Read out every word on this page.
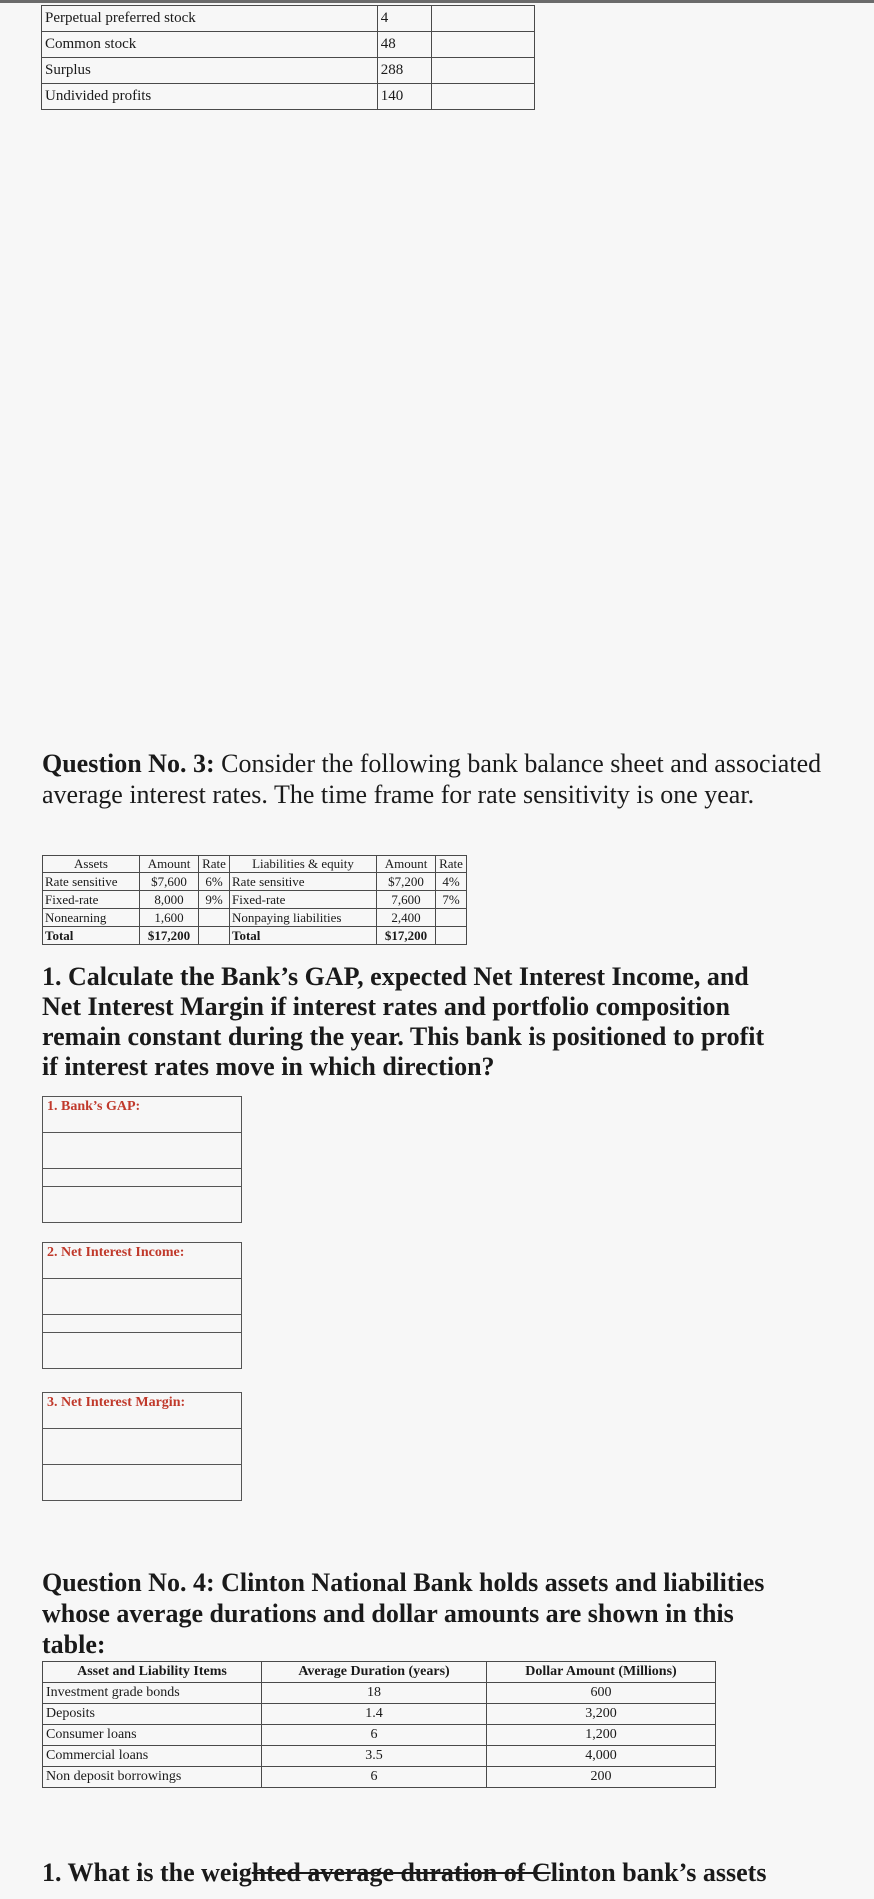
Perpetual preferred stock	4	
Common stock	48	
Surplus	288	
Undivided profits	140	
Question No. 3: Consider the following bank balance sheet and associated average interest rates. The time frame for rate sensitivity is one year.
Assets	Amount	Rate	Liabilities & equity	Amount	Rate
Rate sensitive	$7,600	6%	Rate sensitive	$7,200	4%
Fixed-rate	8,000	9%	Fixed-rate	7,600	7%
Nonearning	1,600		Nonpaying liabilities	2,400	
Total	$17,200		Total	$17,200	
1. Calculate the Bank’s GAP, expected Net Interest Income, and
Net Interest Margin if interest rates and portfolio composition
remain constant during the year. This bank is positioned to profit
if interest rates move in which direction?
1. Bank’s GAP:
2. Net Interest Income:
3. Net Interest Margin:
Question No. 4: Clinton National Bank holds assets and liabilities
whose average durations and dollar amounts are shown in this
table:
Asset and Liability Items	Average Duration (years)	Dollar Amount (Millions)
Investment grade bonds	18	600
Deposits	1.4	3,200
Consumer loans	6	1,200
Commercial loans	3.5	4,000
Non deposit borrowings	6	200
1. What is the weighted average duration of Clinton bank’s assets
